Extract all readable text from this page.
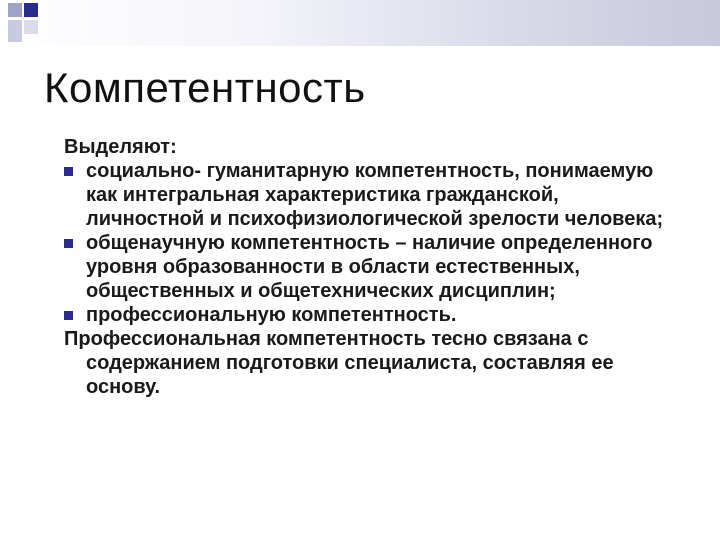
Компетентность

Выделяют:

социально- гуманитарную компетентность, понимаемую как интегральная характеристика гражданской, личностной и психофизиологической зрелости человека;
общенаучную компетентность – наличие определенного уровня образованности в области естественных, общественных и общетехнических дисциплин;
профессиональную компетентность.

Профессиональная компетентность тесно связана с содержанием подготовки специалиста, составляя ее основу.
